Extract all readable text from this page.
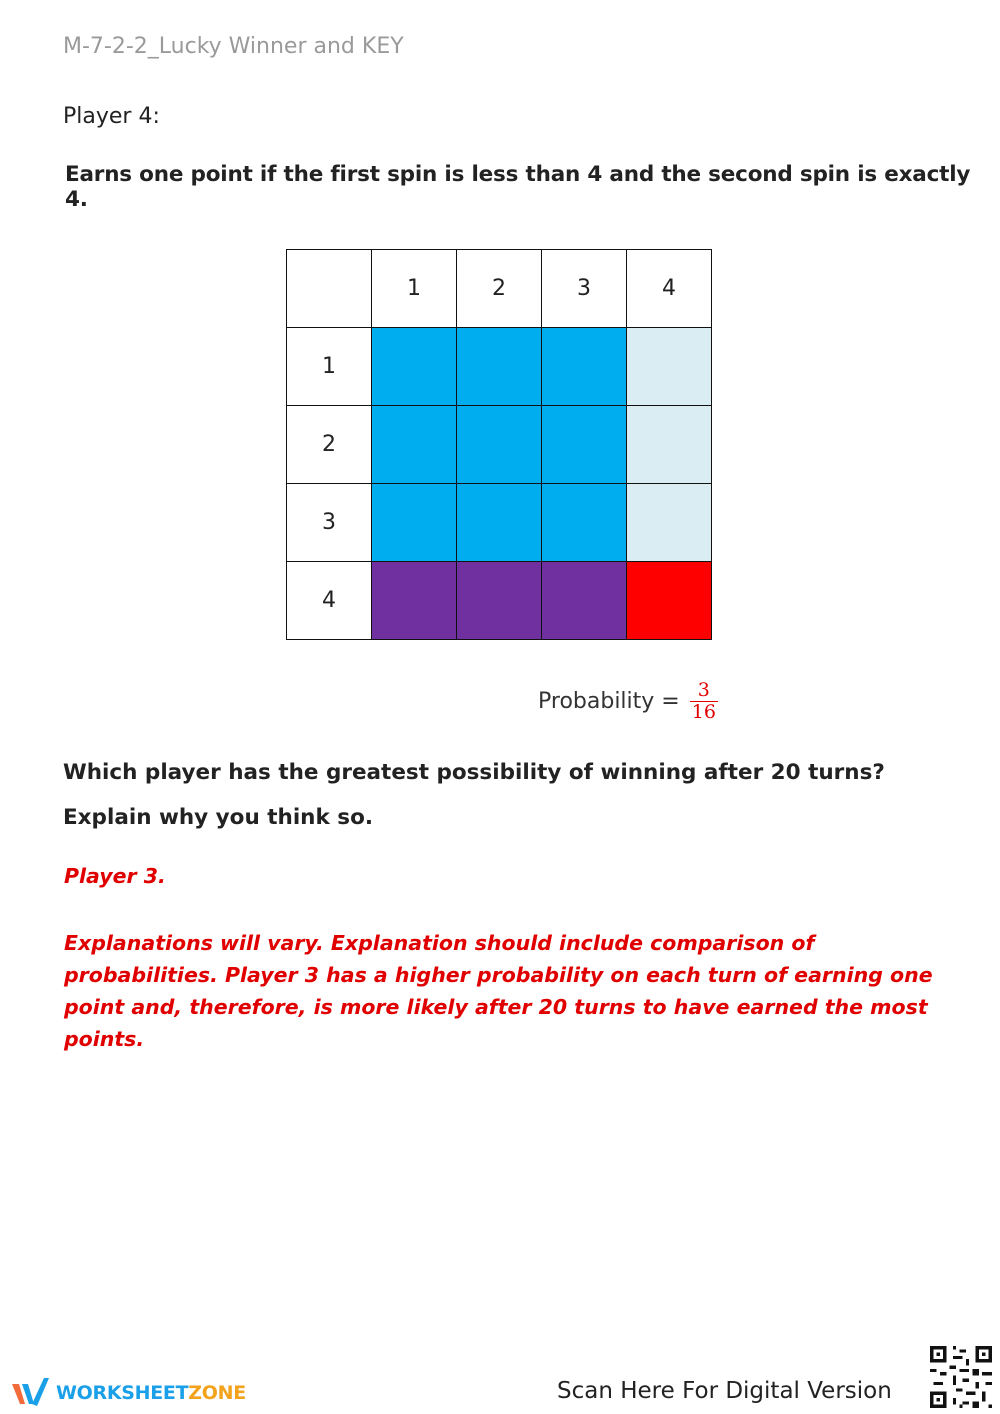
M-7-2-2_Lucky Winner and KEY
Player 4:
Earns one point if the first spin is less than 4 and the second spin is exactly 4.
	1	2	3	4
1				
2				
3				
4				
Probability = $\frac{3}{16}$
Which player has the greatest possibility of winning after 20 turns?
Explain why you think so.
Player 3.
Explanations will vary. Explanation should include comparison of probabilities. Player 3 has a higher probability on each turn of earning one point and, therefore, is more likely after 20 turns to have earned the most points.
WORKSHEETZONE	Scan Here For Digital Version
